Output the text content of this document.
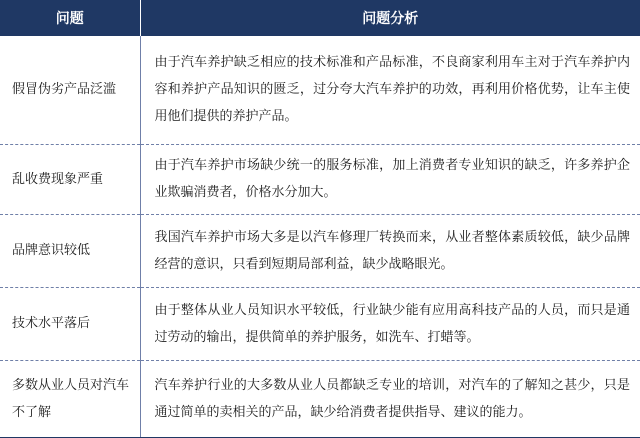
问题	问题分析
假冒伪劣产品泛滥	由于汽车养护缺乏相应的技术标准和产品标准，不良商家利用车主对于汽车养护内容和养护产品知识的匮乏，过分夸大汽车养护的功效，再利用价格优势，让车主使用他们提供的养护产品。
乱收费现象严重	由于汽车养护市场缺少统一的服务标准，加上消费者专业知识的缺乏，许多养护企业欺骗消费者，价格水分加大。
品牌意识较低	我国汽车养护市场大多是以汽车修理厂转换而来，从业者整体素质较低，缺少品牌经营的意识，只看到短期局部利益，缺少战略眼光。
技术水平落后	由于整体从业人员知识水平较低，行业缺少能有应用高科技产品的人员，而只是通过劳动的输出，提供简单的养护服务，如洗车、打蜡等。
多数从业人员对汽车不了解	汽车养护行业的大多数从业人员都缺乏专业的培训，对汽车的了解知之甚少，只是通过简单的卖相关的产品，缺少给消费者提供指导、建议的能力。
